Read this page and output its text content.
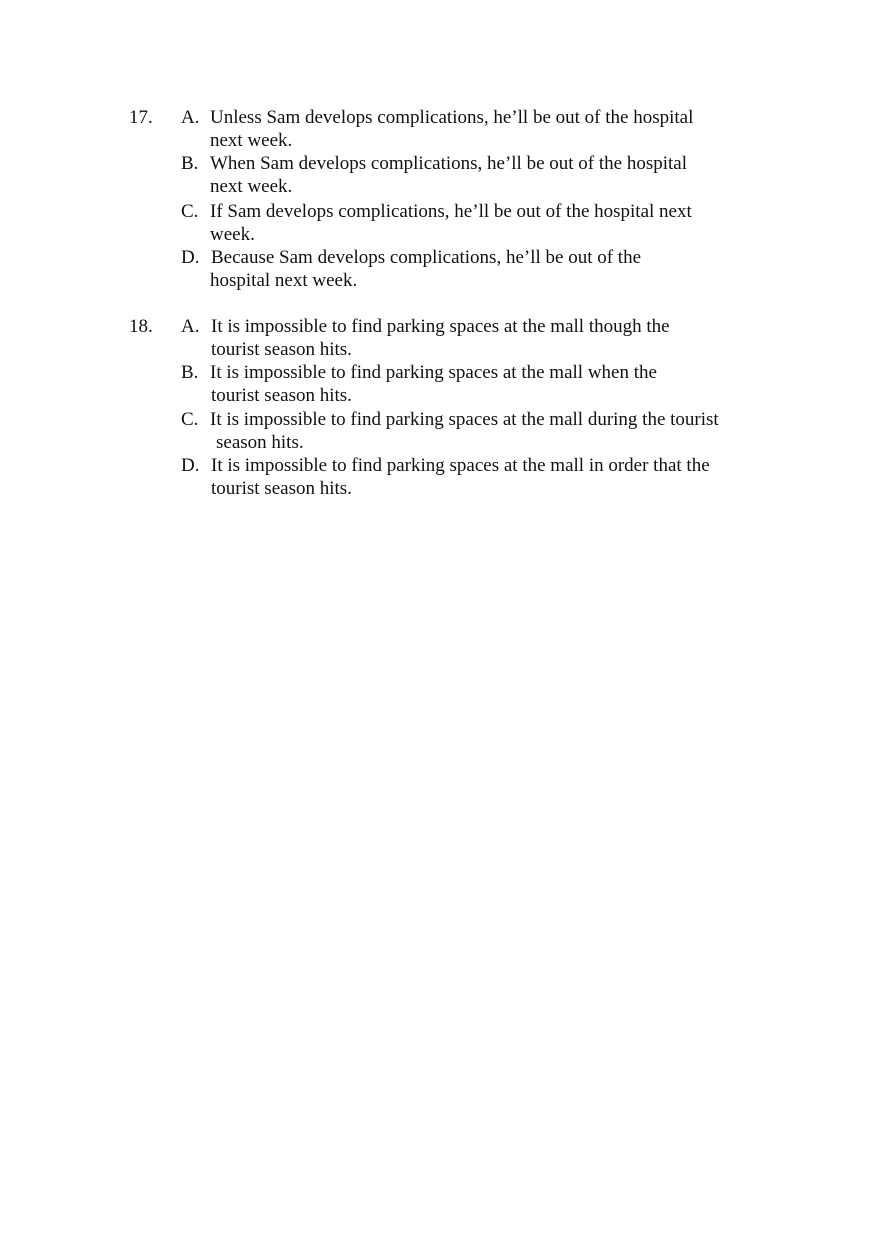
17. A. Unless Sam develops complications, he’ll be out of the hospital
next week.
B. When Sam develops complications, he’ll be out of the hospital
next week.
C. If Sam develops complications, he’ll be out of the hospital next
week.
D. Because Sam develops complications, he’ll be out of the
hospital next week.
18. A. It is impossible to find parking spaces at the mall though the
tourist season hits.
B. It is impossible to find parking spaces at the mall when the
tourist season hits.
C. It is impossible to find parking spaces at the mall during the tourist
season hits.
D. It is impossible to find parking spaces at the mall in order that the
tourist season hits.
